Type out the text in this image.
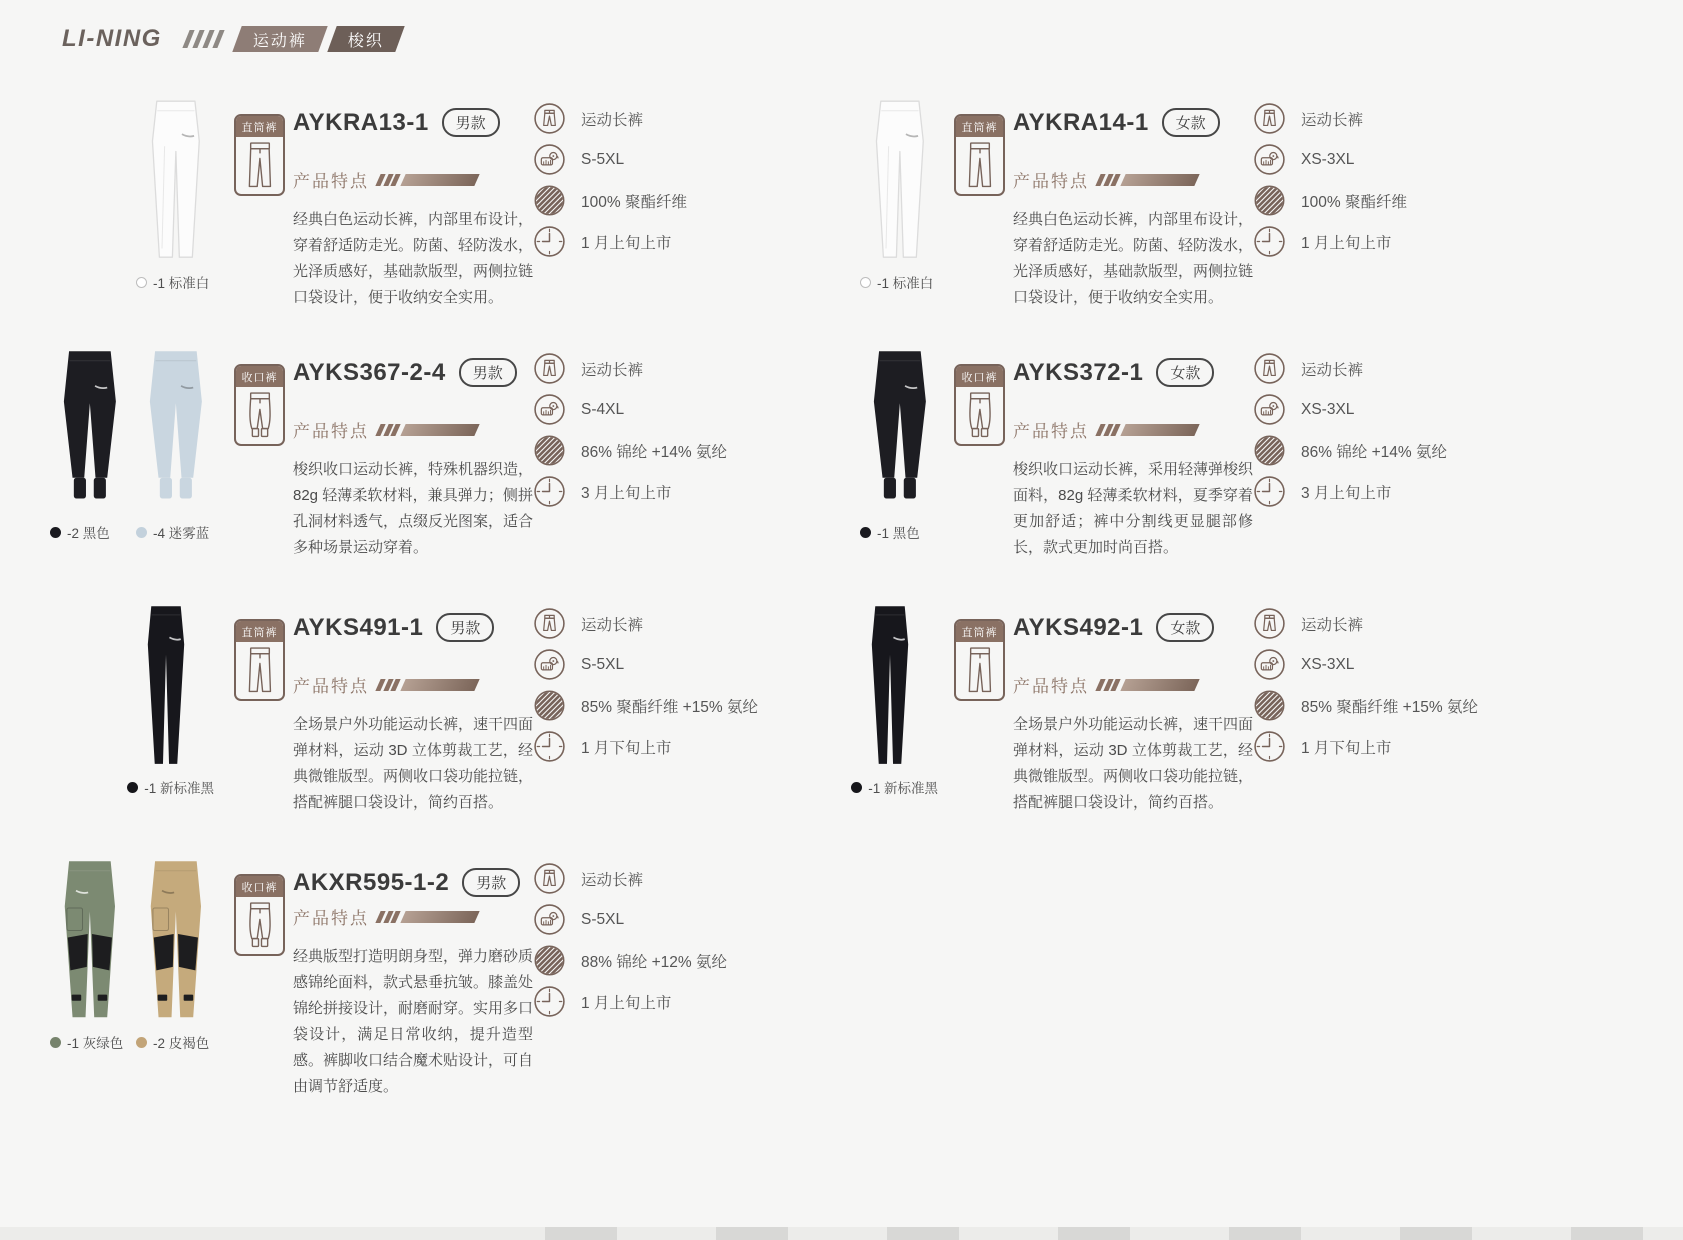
LI-NING	运动裤	梭织
-1 标准白
直筒裤 AYKRA13-1	男款
产品特点

经典白色运动长裤，内部里布设计，穿着舒适防走光。防菌、轻防泼水，光泽质感好，基础款版型，两侧拉链口袋设计，便于收纳安全实用。

运动长裤
S-5XL
100% 聚酯纤维
1 月上旬上市
-1 标准白
直筒裤 AYKRA14-1	女款
产品特点

经典白色运动长裤，内部里布设计，穿着舒适防走光。防菌、轻防泼水，光泽质感好，基础款版型，两侧拉链口袋设计，便于收纳安全实用。

运动长裤
XS-3XL
100% 聚酯纤维
1 月上旬上市
-2 黑色	-4 迷雾蓝
收口裤 AYKS367-2-4	男款
产品特点

梭织收口运动长裤，特殊机器织造，82g 轻薄柔软材料，兼具弹力；侧拼孔洞材料透气，点缀反光图案，适合多种场景运动穿着。

运动长裤
S-4XL
86% 锦纶 +14% 氨纶
3 月上旬上市
-1 黑色
收口裤 AYKS372-1	女款
产品特点

梭织收口运动长裤，采用轻薄弹梭织面料，82g 轻薄柔软材料，夏季穿着更加舒适；裤中分割线更显腿部修长，款式更加时尚百搭。

运动长裤
XS-3XL
86% 锦纶 +14% 氨纶
3 月上旬上市
-1 新标准黑
直筒裤 AYKS491-1	男款
产品特点

全场景户外功能运动长裤，速干四面弹材料，运动 3D 立体剪裁工艺，经典微锥版型。两侧收口袋功能拉链，搭配裤腿口袋设计，简约百搭。

运动长裤
S-5XL
85% 聚酯纤维 +15% 氨纶
1 月下旬上市
-1 新标准黑
直筒裤 AYKS492-1	女款
产品特点

全场景户外功能运动长裤，速干四面弹材料，运动 3D 立体剪裁工艺，经典微锥版型。两侧收口袋功能拉链，搭配裤腿口袋设计，简约百搭。

运动长裤
XS-3XL
85% 聚酯纤维 +15% 氨纶
1 月下旬上市
-1 灰绿色 -2 皮褐色
收口裤 AKXR595-1-2	男款
产品特点

经典版型打造明朗身型，弹力磨砂质感锦纶面料，款式悬垂抗皱。膝盖处锦纶拼接设计，耐磨耐穿。实用多口袋设计，满足日常收纳，提升造型感。裤脚收口结合魔术贴设计，可自由调节舒适度。

运动长裤
S-5XL
88% 锦纶 +12% 氨纶
1 月上旬上市
